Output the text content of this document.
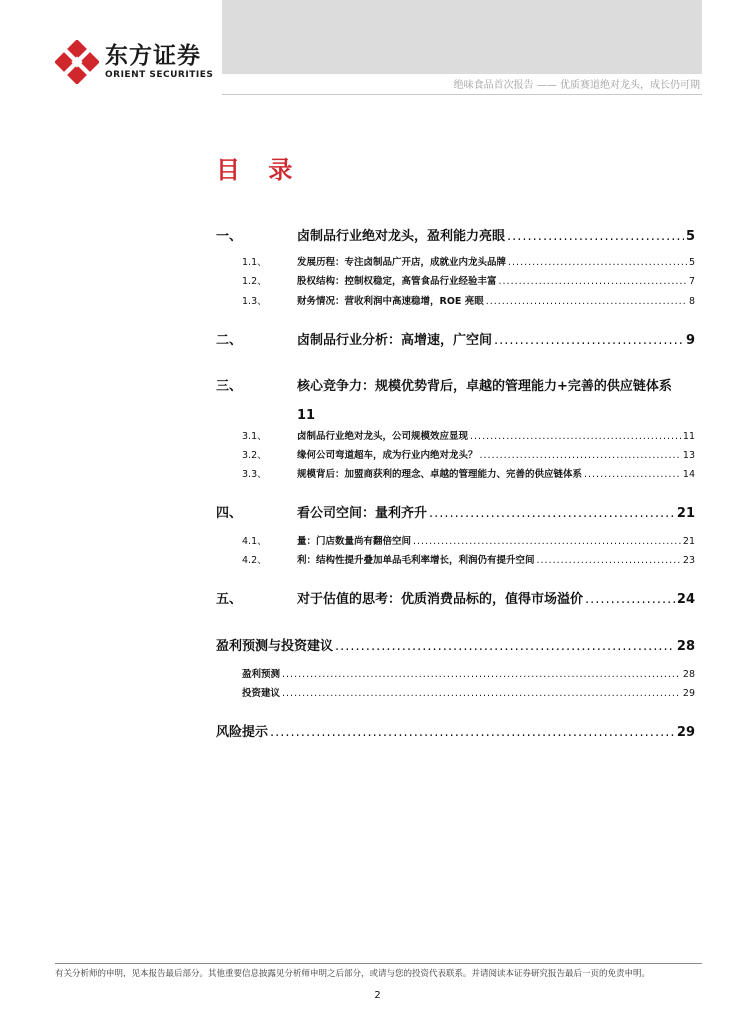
东方证券
ORIENT SECURITIES
绝味食品首次报告 —— 优质赛道绝对龙头，成长仍可期
目 录
一、	卤制品行业绝对龙头，盈利能力亮眼 .....	5
1.1、	发展历程：专注卤制品广开店，成就业内龙头品牌 .....	5
1.2、	股权结构：控制权稳定，高管食品行业经验丰富 .....	7
1.3、	财务情况：营收利润中高速稳增，ROE 亮眼 .....	8
二、	卤制品行业分析：高增速，广空间 .....	9
三、	核心竞争力：规模优势背后，卓越的管理能力+完善的供应链体系
11
3.1、	卤制品行业绝对龙头，公司规模效应显现 .....	11
3.2、	缘何公司弯道超车，成为行业内绝对龙头？ .....	13
3.3、	规模背后：加盟商获利的理念、卓越的管理能力、完善的供应链体系 .....	14
四、	看公司空间：量利齐升 .....	21
4.1、	量：门店数量尚有翻倍空间 .....	21
4.2、	利：结构性提升叠加单品毛利率增长，利润仍有提升空间 .....	23
五、	对于估值的思考：优质消费品标的，值得市场溢价 .....	24
盈利预测与投资建议 .....	28
盈利预测 .....	28
投资建议 .....	29
风险提示 .....	29
有关分析师的申明，见本报告最后部分。其他重要信息披露见分析师申明之后部分，或请与您的投资代表联系。并请阅读本证券研究报告最后一页的免责申明。
2
